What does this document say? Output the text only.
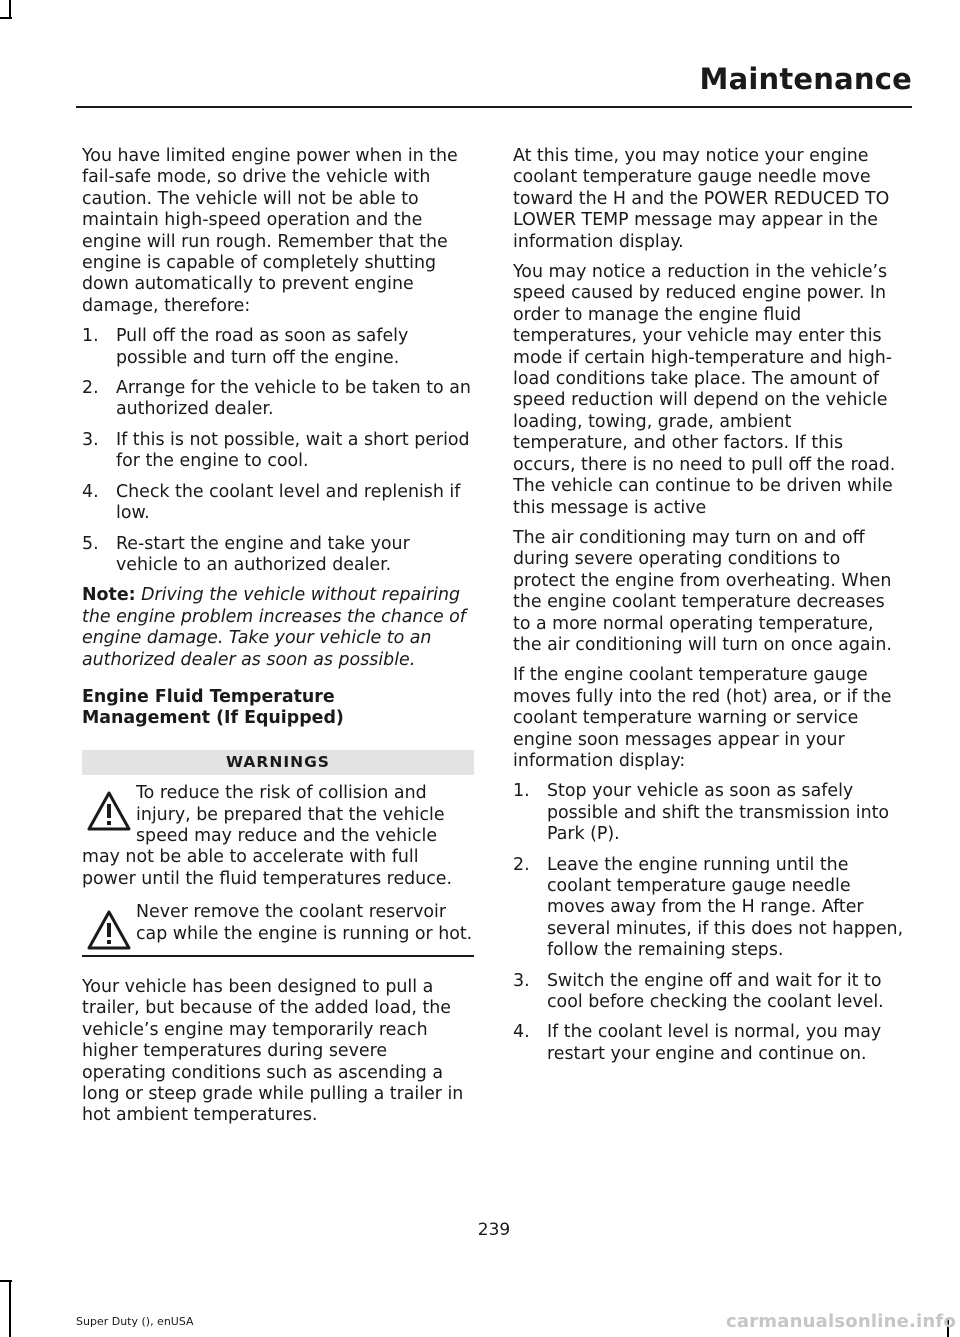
Maintenance

You have limited engine power when in the fail-safe mode, so drive the vehicle with caution. The vehicle will not be able to maintain high-speed operation and the engine will run rough. Remember that the engine is capable of completely shutting down automatically to prevent engine damage, therefore:

1. Pull off the road as soon as safely possible and turn off the engine.
2. Arrange for the vehicle to be taken to an authorized dealer.
3. If this is not possible, wait a short period for the engine to cool.
4. Check the coolant level and replenish if low.
5. Re-start the engine and take your vehicle to an authorized dealer.

Note: Driving the vehicle without repairing the engine problem increases the chance of engine damage. Take your vehicle to an authorized dealer as soon as possible.

Engine Fluid Temperature Management (If Equipped)
WARNINGS

To reduce the risk of collision and injury, be prepared that the vehicle speed may reduce and the vehicle may not be able to accelerate with full power until the fluid temperatures reduce.

Never remove the coolant reservoir cap while the engine is running or hot.

Your vehicle has been designed to pull a trailer, but because of the added load, the vehicle’s engine may temporarily reach higher temperatures during severe operating conditions such as ascending a long or steep grade while pulling a trailer in hot ambient temperatures.

At this time, you may notice your engine coolant temperature gauge needle move toward the H and the POWER REDUCED TO LOWER TEMP message may appear in the information display.

You may notice a reduction in the vehicle’s speed caused by reduced engine power. In order to manage the engine fluid temperatures, your vehicle may enter this mode if certain high-temperature and high-load conditions take place. The amount of speed reduction will depend on the vehicle loading, towing, grade, ambient temperature, and other factors. If this occurs, there is no need to pull off the road. The vehicle can continue to be driven while this message is active

The air conditioning may turn on and off during severe operating conditions to protect the engine from overheating. When the engine coolant temperature decreases to a more normal operating temperature, the air conditioning will turn on once again.

If the engine coolant temperature gauge moves fully into the red (hot) area, or if the coolant temperature warning or service engine soon messages appear in your information display:

1. Stop your vehicle as soon as safely possible and shift the transmission into Park (P).
2. Leave the engine running until the coolant temperature gauge needle moves away from the H range. After several minutes, if this does not happen, follow the remaining steps.
3. Switch the engine off and wait for it to cool before checking the coolant level.
4. If the coolant level is normal, you may restart your engine and continue on.
239
Super Duty (), enUSA	carmanualsonline.info
